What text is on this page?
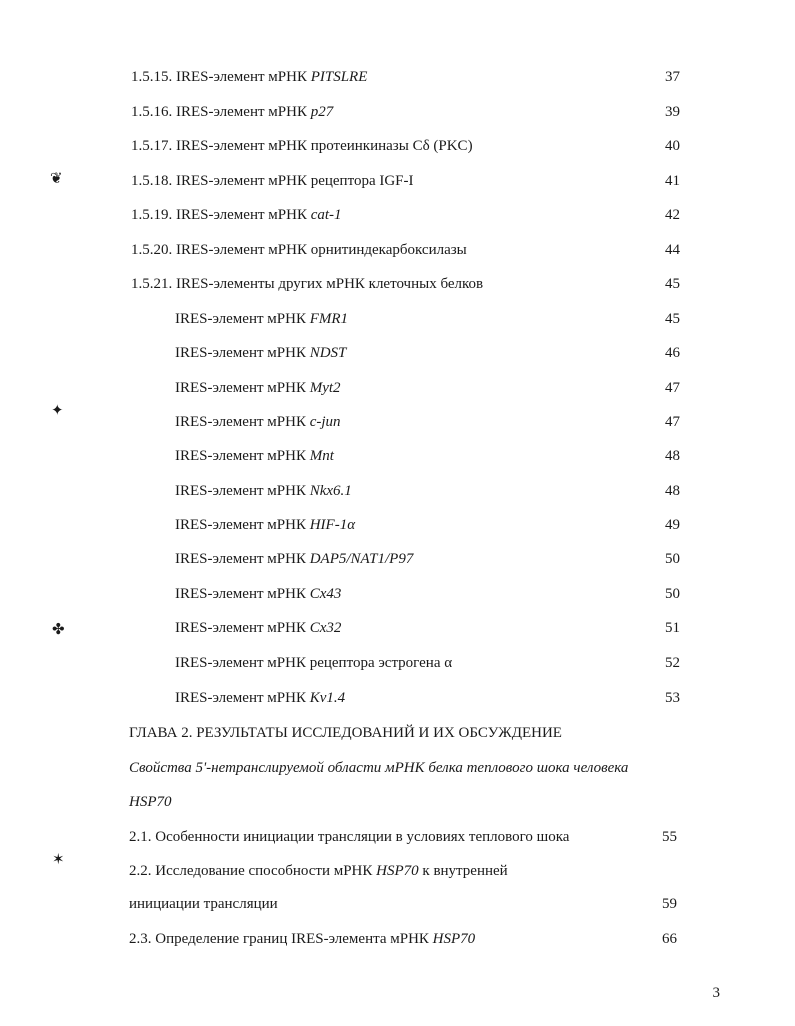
1.5.15. IRES-элемент мРНК PITSLRE	37
1.5.16. IRES-элемент мРНК p27	39
1.5.17. IRES-элемент мРНК протеинкиназы Cδ (PKC)	40
1.5.18. IRES-элемент мРНК рецептора IGF-I	41
1.5.19. IRES-элемент мРНК cat-1	42
1.5.20. IRES-элемент мРНК орнитиндекарбоксилазы	44
1.5.21. IRES-элементы других мРНК клеточных белков	45
IRES-элемент мРНК FMR1	45
IRES-элемент мРНК NDST	46
IRES-элемент мРНК Myt2	47
IRES-элемент мРНК c-jun	47
IRES-элемент мРНК Mnt	48
IRES-элемент мРНК Nkx6.1	48
IRES-элемент мРНК HIF-1α	49
IRES-элемент мРНК DAP5/NAT1/P97	50
IRES-элемент мРНК Cx43	50
IRES-элемент мРНК Cx32	51
IRES-элемент мРНК рецептора эстрогена α	52
IRES-элемент мРНК Kv1.4	53
ГЛАВА 2. РЕЗУЛЬТАТЫ ИССЛЕДОВАНИЙ И ИХ ОБСУЖДЕНИЕ
Свойства 5'-нетранслируемой области мРНК белка теплового шока человека
HSP70
2.1. Особенности инициации трансляции в условиях теплового шока	55
2.2. Исследование способности мРНК HSP70 к внутренней
инициации трансляции	59
2.3. Определение границ IRES-элемента мРНК HSP70	66
3
❦
✦
✤
✶
